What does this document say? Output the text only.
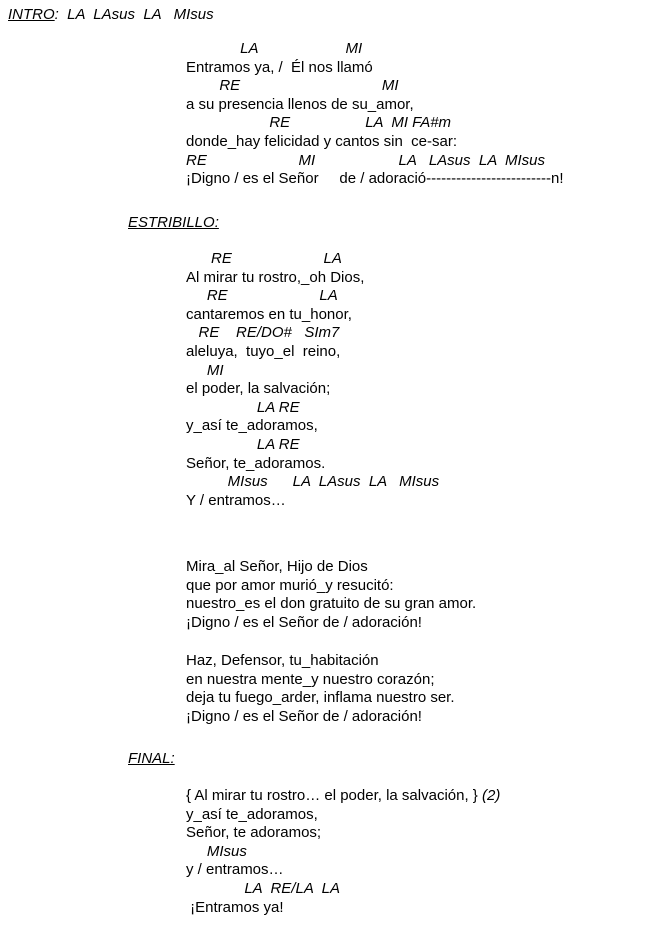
INTRO:  LA  LAsus  LA   MIsus
LA                     MI
Entramos ya, /  Él nos llamó
RE                                  MI
a su presencia llenos de su_amor,
RE                  LA  MI FA#m
donde_hay felicidad y cantos sin  ce-sar:
RE                      MI                    LA   LAsus  LA  MIsus
¡Digno / es el Señor     de / adoració-------------------------n!
ESTRIBILLO:
RE                      LA
Al mirar tu rostro,_oh Dios,
RE                      LA
cantaremos en tu_honor,
RE    RE/DO#   SIm7
aleluya,  tuyo_el  reino,
MI
el poder, la salvación;
LA RE
y_así te_adoramos,
LA RE
Señor, te_adoramos.
MIsus      LA  LAsus  LA   MIsus
Y / entramos…
Mira_al Señor, Hijo de Dios
que por amor murió_y resucitó:
nuestro_es el don gratuito de su gran amor.
¡Digno / es el Señor de / adoración!
Haz, Defensor, tu_habitación
en nuestra mente_y nuestro corazón;
deja tu fuego_arder, inflama nuestro ser.
¡Digno / es el Señor de / adoración!
FINAL:
{ Al mirar tu rostro… el poder, la salvación, } (2)
y_así te_adoramos,
Señor, te adoramos;
MIsus
y / entramos…
LA  RE/LA  LA
¡Entramos ya!
